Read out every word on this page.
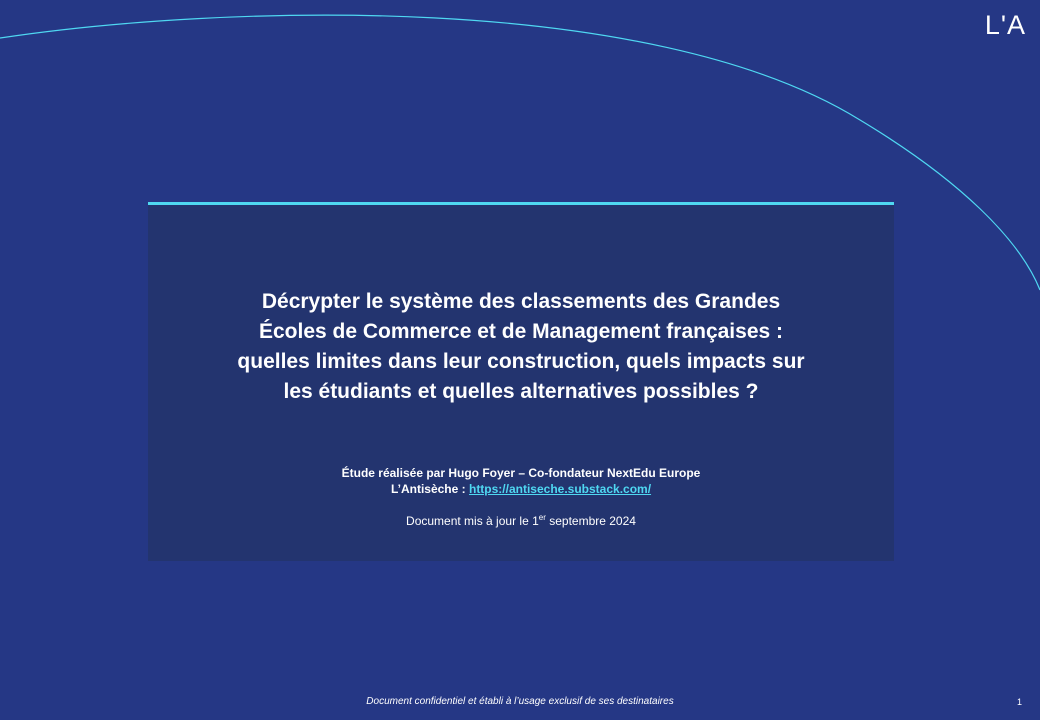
L'A
Décrypter le système des classements des Grandes
Écoles de Commerce et de Management françaises :
quelles limites dans leur construction, quels impacts sur
les étudiants et quelles alternatives possibles ?
Étude réalisée par Hugo Foyer – Co-fondateur NextEdu Europe
L’Antisèche : https://antiseche.substack.com/
Document mis à jour le 1er septembre 2024
Document confidentiel et établi à l’usage exclusif de ses destinataires	1
